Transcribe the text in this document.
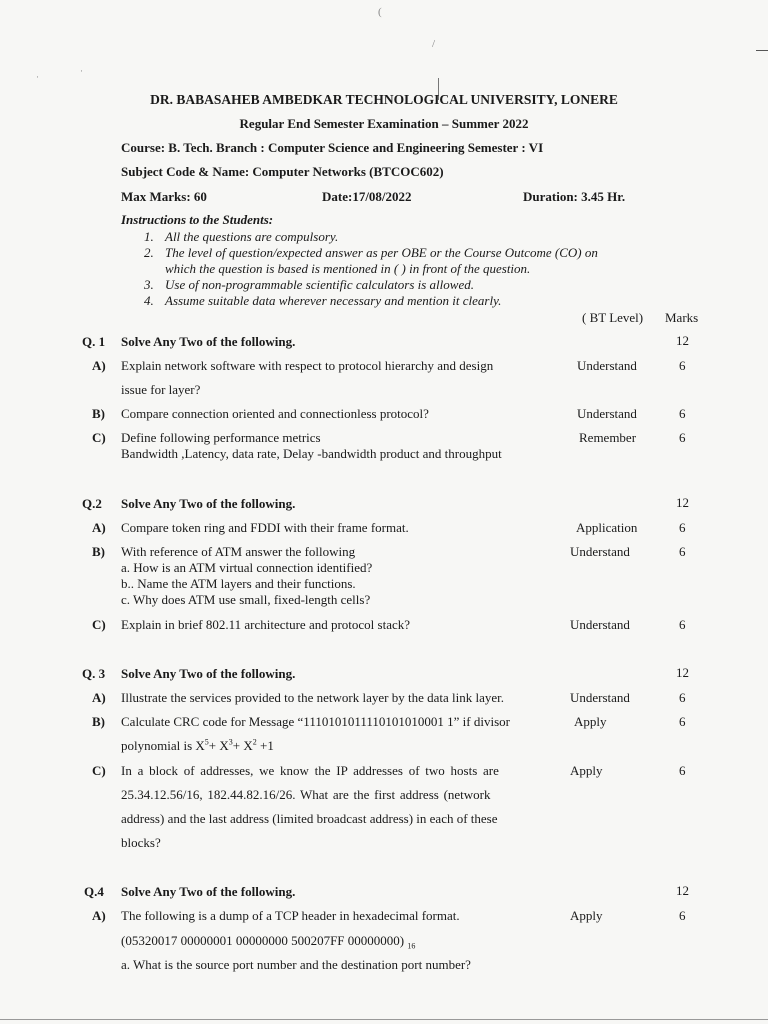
(
/
·
·
DR. BABASAHEB AMBEDKAR TECHNOLOGICAL UNIVERSITY, LONERE
Regular End Semester Examination – Summer 2022
Course: B. Tech. Branch : Computer Science and Engineering Semester : VI
Subject Code & Name: Computer Networks (BTCOC602)
Max Marks: 60	Date:17/08/2022	Duration: 3.45 Hr.
Instructions to the Students:
1. All the questions are compulsory.
2. The level of question/expected answer as per OBE or the Course Outcome (CO) on
which the question is based is mentioned in ( ) in front of the question.
3. Use of non-programmable scientific calculators is allowed.
4. Assume suitable data wherever necessary and mention it clearly.
( BT Level) Marks
Q. 1 Solve Any Two of the following.	12
A) Explain network software with respect to protocol hierarchy and design
issue for layer?
Understand	6
B) Compare connection oriented and connectionless protocol?	Understand	6
C) Define following performance metrics
Bandwidth ,Latency, data rate, Delay -bandwidth product and throughput
Remember	6
Q.2 Solve Any Two of the following.	12
A) Compare token ring and FDDI with their frame format.	Application	6
B) With reference of ATM answer the following
a. How is an ATM virtual connection identified?
b.. Name the ATM layers and their functions.
c. Why does ATM use small, fixed-length cells?
Understand	6
C) Explain in brief 802.11 architecture and protocol stack?	Understand	6
Q. 3 Solve Any Two of the following.	12
A) Illustrate the services provided to the network layer by the data link layer.	Understand	6
B) Calculate CRC code for Message “1110101011110101010001 1” if divisor
polynomial is $X^5+ X^3+ X^2 +1$
Apply	6
C) In a block of addresses, we know the IP addresses of two hosts are
25.34.12.56/16, 182.44.82.16/26. What are the first address (network
address) and the last address (limited broadcast address) in each of these
blocks?
Apply	6
Q.4 Solve Any Two of the following.	12
A) The following is a dump of a TCP header in hexadecimal format.
(05320017 00000001 00000000 500207FF 00000000) $_{16}$
a. What is the source port number and the destination port number?
Apply	6
